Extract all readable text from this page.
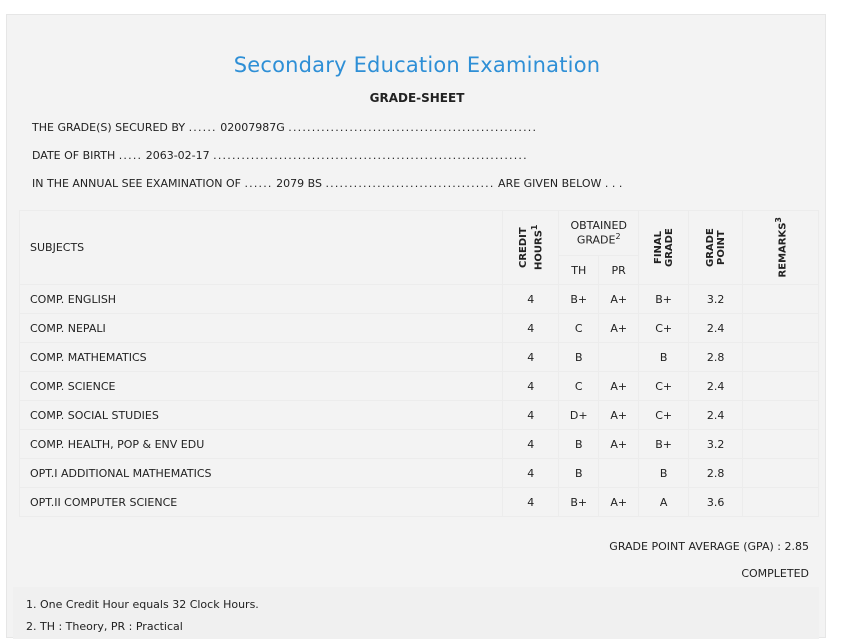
Secondary Education Examination
GRADE-SHEET
THE GRADE(S) SECURED BY ...... 02007987G .....................................................
DATE OF BIRTH ..... 2063-02-17 ...................................................................
IN THE ANNUAL SEE EXAMINATION OF ...... 2079 BS .................................... ARE GIVEN BELOW . . .
SUBJECTS	CREDIT HOURS$^1$	OBTAINED GRADE$^2$		FINAL GRADE	GRADE POINT	REMARKS$^3$

		TH	PR			
COMP. ENGLISH	4	B+	A+	B+	3.2	
COMP. NEPALI	4	C	A+	C+	2.4	
COMP. MATHEMATICS	4	B		B	2.8	
COMP. SCIENCE	4	C	A+	C+	2.4	
COMP. SOCIAL STUDIES	4	D+	A+	C+	2.4	
COMP. HEALTH, POP & ENV EDU	4	B	A+	B+	3.2	
OPT.I ADDITIONAL MATHEMATICS	4	B		B	2.8	
OPT.II COMPUTER SCIENCE	4	B+	A+	A	3.6	
GRADE POINT AVERAGE (GPA) : 2.85
COMPLETED
1. One Credit Hour equals 32 Clock Hours.
2. TH : Theory, PR : Practical
